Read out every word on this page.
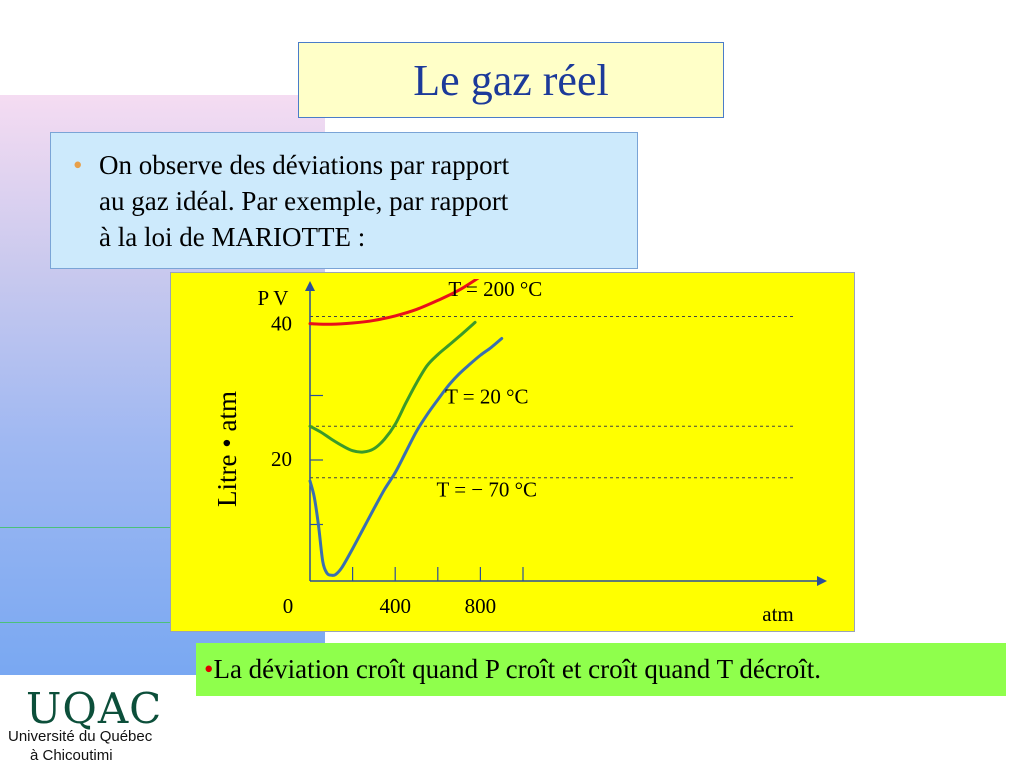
Le gaz réel
• On observe des déviations par rapport
au gaz idéal. Par exemple, par rapport
à la loi de MARIOTTE :
0	400	800
20
40
P V
atm
Litre • atm
T = 200 °C
T = 20 °C
T = − 70 °C
• La déviation croît quand P croît et croît quand T décroît.
UQAC
Université du Québec
à Chicoutimi
